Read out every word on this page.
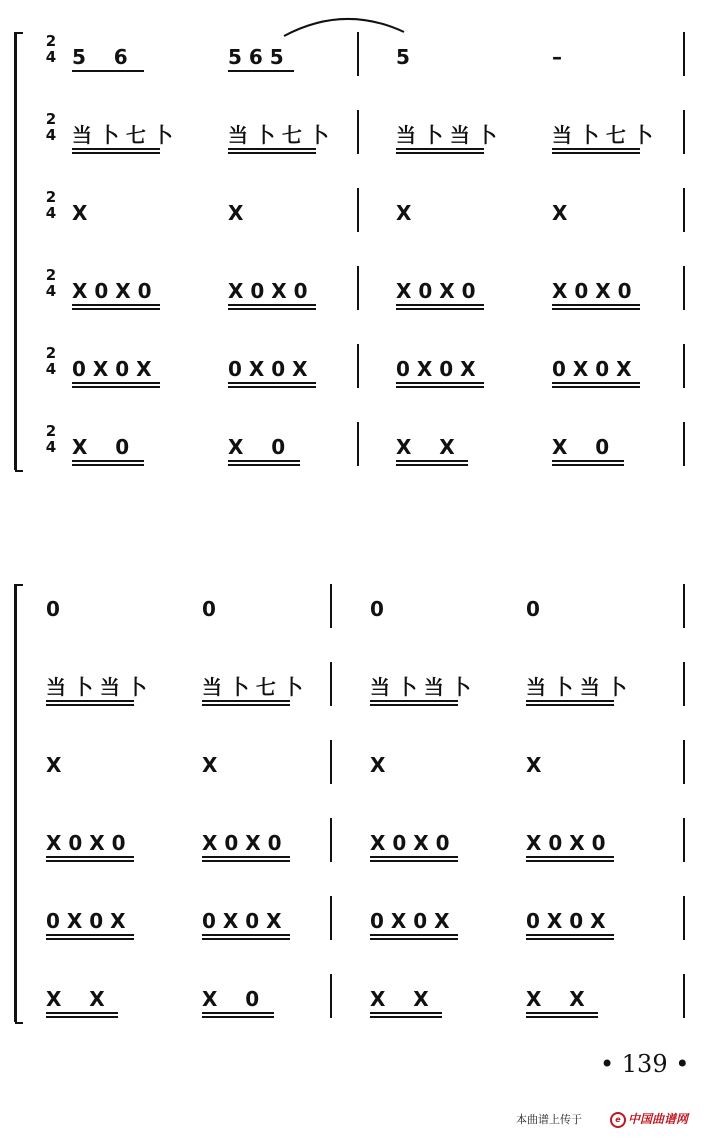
2
4 5    6	5 6 5	5	–
2
4 当 卜 七 卜	当 卜 七 卜	当 卜 当 卜	当 卜 七 卜
2
4 X	X	X	X
2
4 X 0 X 0	X 0 X 0	X 0 X 0	X 0 X 0
2
4 0 X 0 X	0 X 0 X	0 X 0 X	0 X 0 X
2
4 X    0	X    0	X    X	X    0
0	0	0	0
当 卜 当 卜	当 卜 七 卜	当 卜 当 卜	当 卜 当 卜
X	X	X	X
X 0 X 0	X 0 X 0	X 0 X 0	X 0 X 0
0 X 0 X	0 X 0 X	0 X 0 X	0 X 0 X
X    X	X    0	X    X	X    X
• 139 •
本曲谱上传于	e 中国曲谱网
